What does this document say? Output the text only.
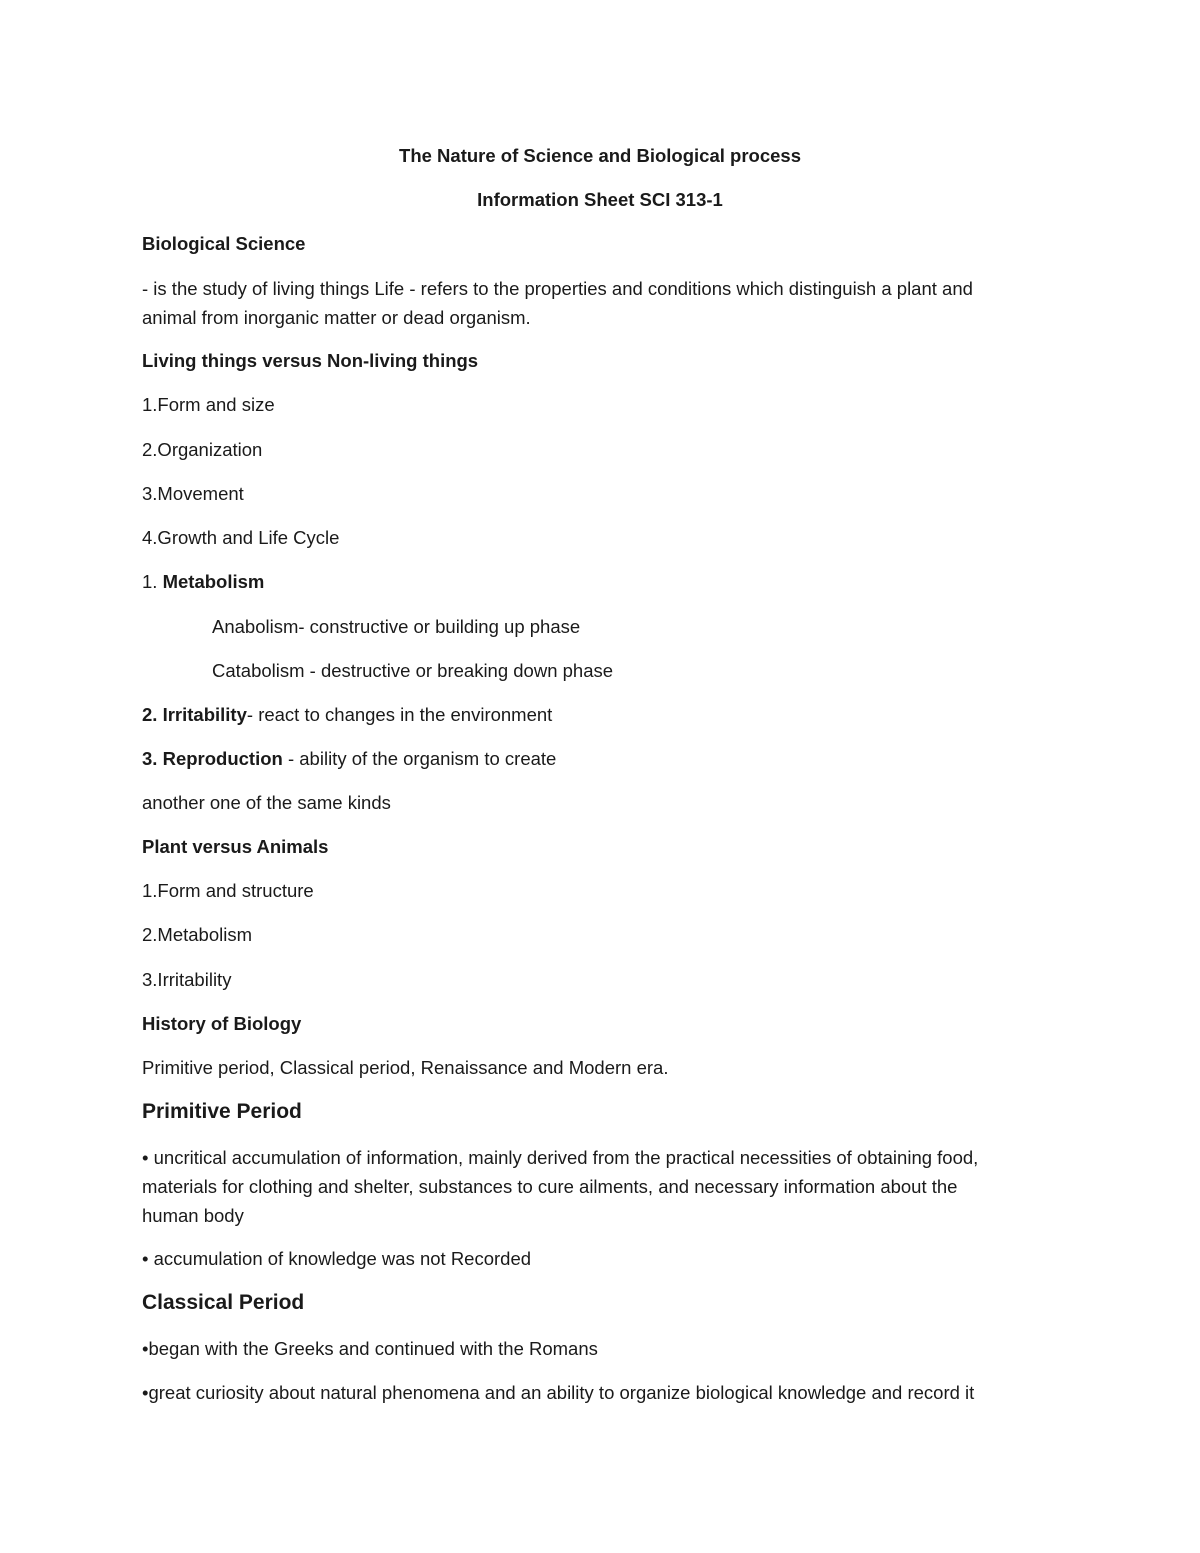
The Nature of Science and Biological process
Information Sheet SCI 313-1
Biological Science
- is the study of living things Life - refers to the properties and conditions which distinguish a plant and
animal from inorganic matter or dead organism.
Living things versus Non-living things
1.Form and size
2.Organization
3.Movement
4.Growth and Life Cycle
1. Metabolism
Anabolism- constructive or building up phase
Catabolism - destructive or breaking down phase
2. Irritability- react to changes in the environment
3. Reproduction - ability of the organism to create
another one of the same kinds
Plant versus Animals
1.Form and structure
2.Metabolism
3.Irritability
History of Biology
Primitive period, Classical period, Renaissance and Modern era.
Primitive Period
• uncritical accumulation of information, mainly derived from the practical necessities of obtaining food,
materials for clothing and shelter, substances to cure ailments, and necessary information about the
human body
• accumulation of knowledge was not Recorded
Classical Period
•began with the Greeks and continued with the Romans
•great curiosity about natural phenomena and an ability to organize biological knowledge and record it
